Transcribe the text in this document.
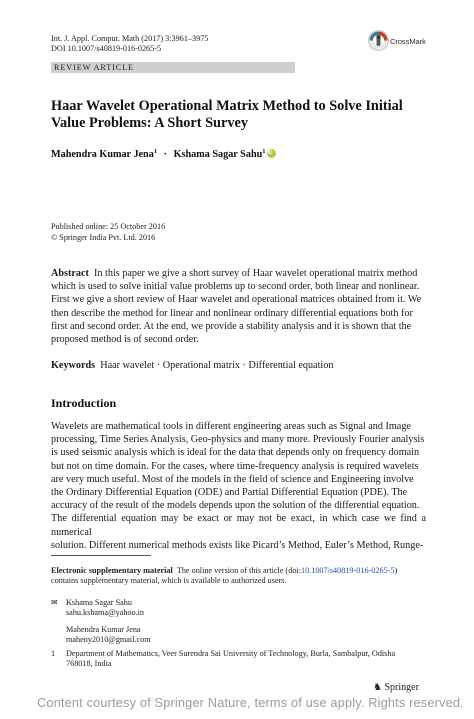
Int. J. Appl. Comput. Math (2017) 3:3961–3975
DOI 10.1007/s40819-016-0265-5
CrossMark
REVIEW ARTICLE
Haar Wavelet Operational Matrix Method to Solve Initial
Value Problems: A Short Survey
Mahendra Kumar Jena$^1$ · Kshama Sagar Sahu$^1$iD
Published online: 25 October 2016
© Springer India Pvt. Ltd. 2016
Abstract In this paper we give a short survey of Haar wavelet operational matrix method
which is used to solve initial value problems up to second order, both linear and nonlinear.
First we give a short review of Haar wavelet and operational matrices obtained from it. We
then describe the method for linear and nonlinear ordinary differential equations both for
first and second order. At the end, we provide a stability analysis and it is shown that the
proposed method is of second order.
Keywords Haar wavelet · Operational matrix · Differential equation
Introduction
Wavelets are mathematical tools in different engineering areas such as Signal and Image
processing, Time Series Analysis, Geo-physics and many more. Previously Fourier analysis
is used seismic analysis which is ideal for the data that depends only on frequency domain
but not on time domain. For the cases, where time-frequency analysis is required wavelets
are very much useful. Most of the models in the field of science and Engineering involve
the Ordinary Differential Equation (ODE) and Partial Differential Equation (PDE). The
accuracy of the result of the models depends upon the solution of the differential equation.
The differential equation may be exact or may not be exact, in which case we find a numerical
solution. Different numerical methods exists like Picard’s Method, Euler’s Method, Runge-
Electronic supplementary material The online version of this article (doi:10.1007/s40819-016-0265-5)
contains supplementary material, which is available to authorized users.
✉ Kshama Sagar Sahu
sahu.kshama@yahoo.in
Mahendra Kumar Jena
maheny2010@gmail.com
1 Department of Mathematics, Veer Surendra Sai University of Technology, Burla, Sambalpur, Odisha
768018, India
♞ Springer
Content courtesy of Springer Nature, terms of use apply. Rights reserved.
